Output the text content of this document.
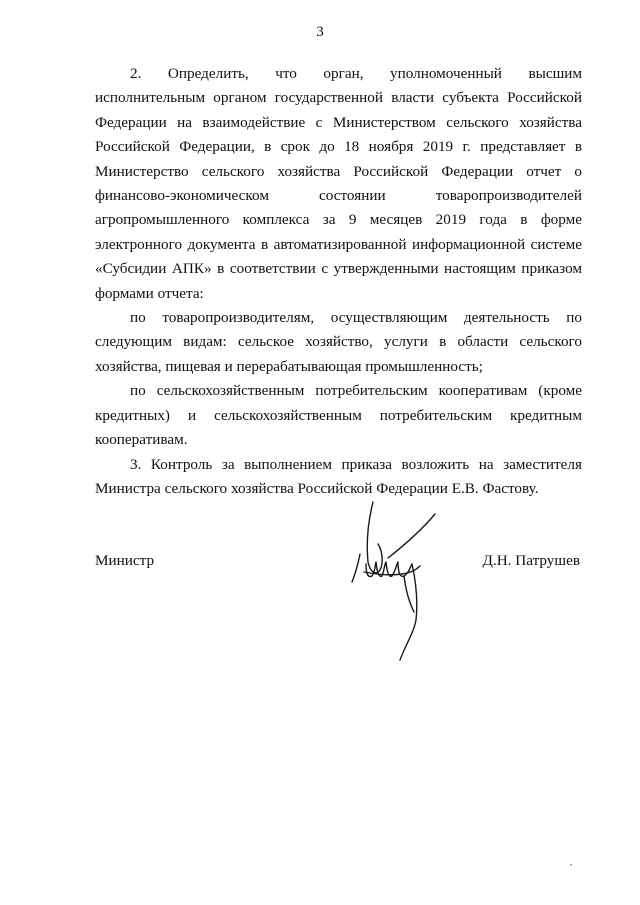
3

2. Определить, что орган, уполномоченный высшим исполнительным органом государственной власти субъекта Российской Федерации на взаимодействие с Министерством сельского хозяйства Российской Федерации, в срок до 18 ноября 2019 г. представляет в Министерство сельского хозяйства Российской Федерации отчет о финансово-экономическом состоянии товаропроизводителей агропромышленного комплекса за 9 месяцев 2019 года в форме электронного документа в автоматизированной информационной системе «Субсидии АПК» в соответствии с утвержденными настоящим приказом формами отчета:

по товаропроизводителям, осуществляющим деятельность по следующим видам: сельское хозяйство, услуги в области сельского хозяйства, пищевая и перерабатывающая промышленность;

по сельскохозяйственным потребительским кооперативам (кроме кредитных) и сельскохозяйственным потребительским кредитным кооперативам.

3. Контроль за выполнением приказа возложить на заместителя Министра сельского хозяйства Российской Федерации Е.В. Фастову.

Министр	Д.Н. Патрушев
